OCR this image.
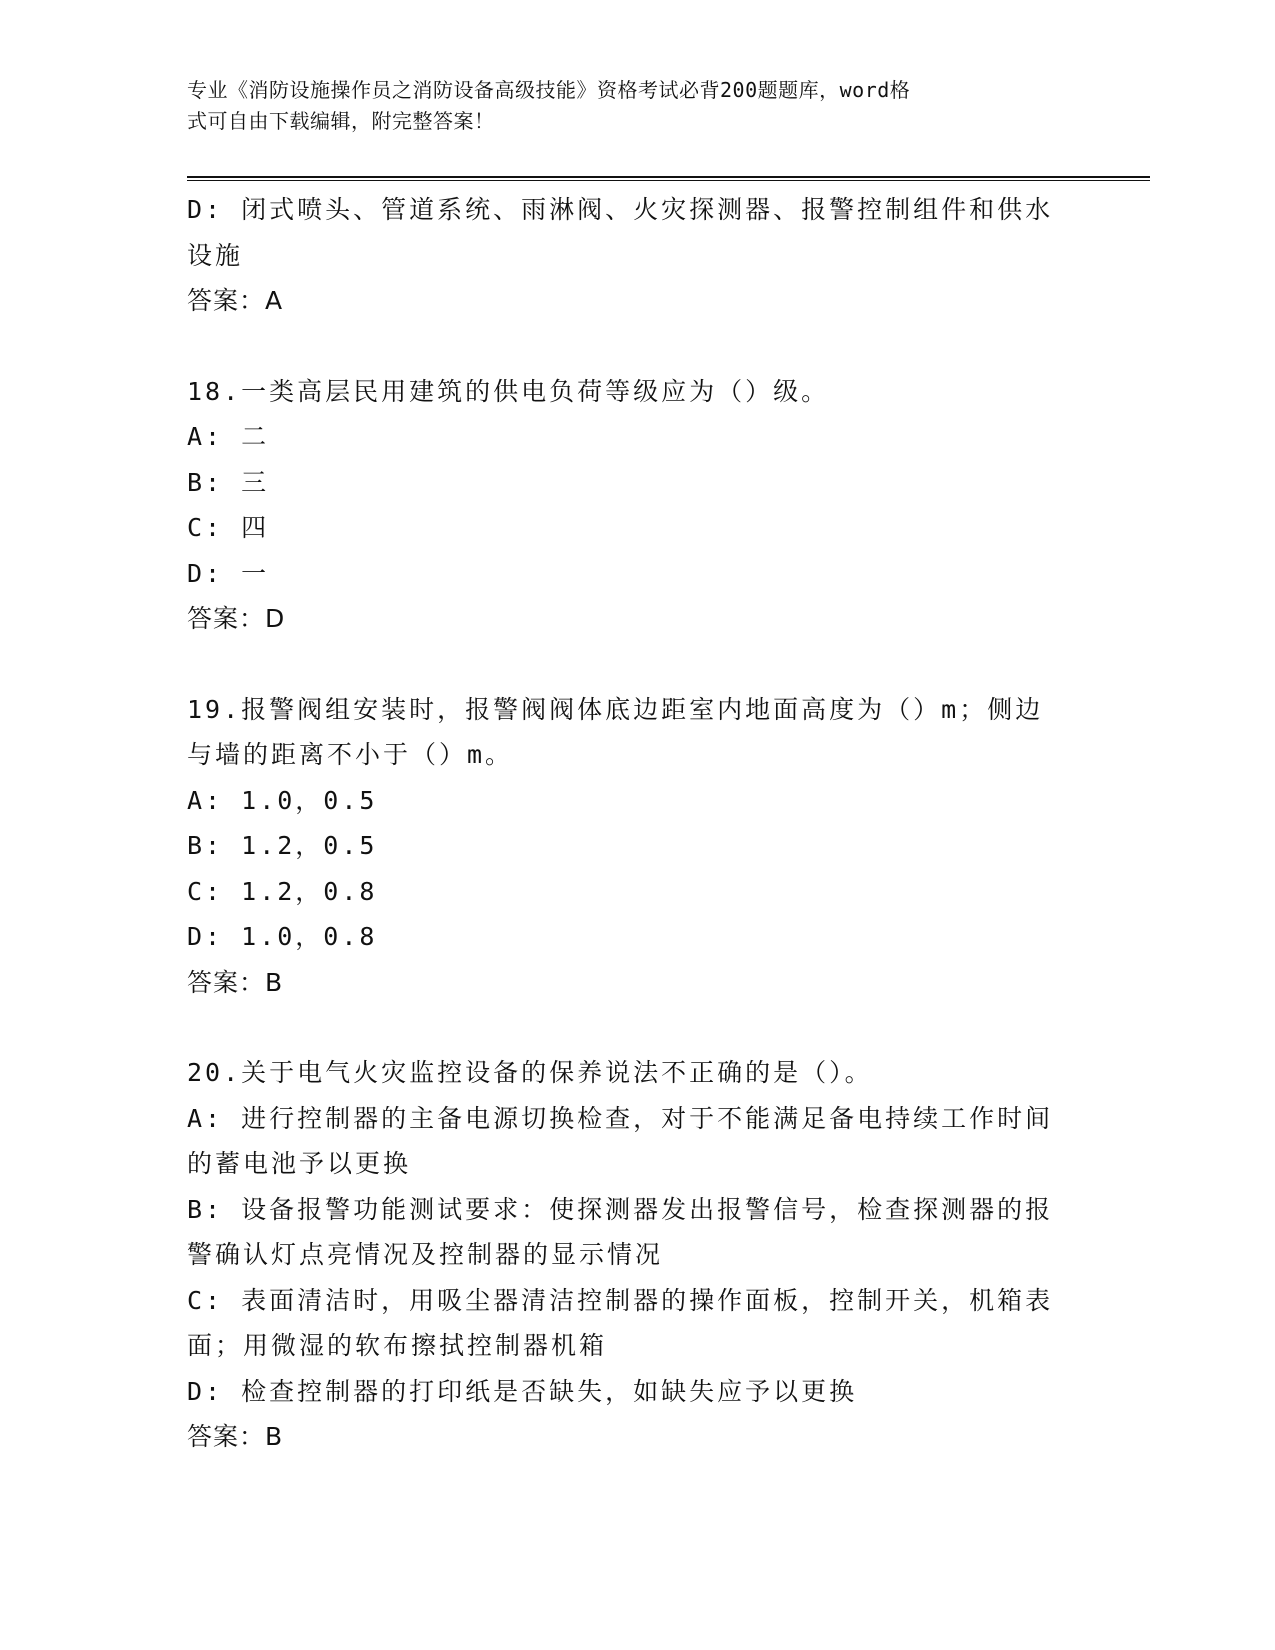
专业《消防设施操作员之消防设备高级技能》资格考试必背200题题库，word格
式可自由下载编辑，附完整答案！
D: 闭式喷头、管道系统、雨淋阀、火灾探测器、报警控制组件和供水
设施
答案：A
18.一类高层民用建筑的供电负荷等级应为（）级。
A: 二
B: 三
C: 四
D: 一
答案：D
19.报警阀组安装时，报警阀阀体底边距室内地面高度为（）m；侧边
与墙的距离不小于（）m。
A: 1.0，0.5
B: 1.2，0.5
C: 1.2，0.8
D: 1.0，0.8
答案：B
20.关于电气火灾监控设备的保养说法不正确的是（）。
A: 进行控制器的主备电源切换检查，对于不能满足备电持续工作时间
的蓄电池予以更换
B: 设备报警功能测试要求：使探测器发出报警信号，检查探测器的报
警确认灯点亮情况及控制器的显示情况
C: 表面清洁时，用吸尘器清洁控制器的操作面板，控制开关，机箱表
面；用微湿的软布擦拭控制器机箱
D: 检查控制器的打印纸是否缺失，如缺失应予以更换
答案：B
